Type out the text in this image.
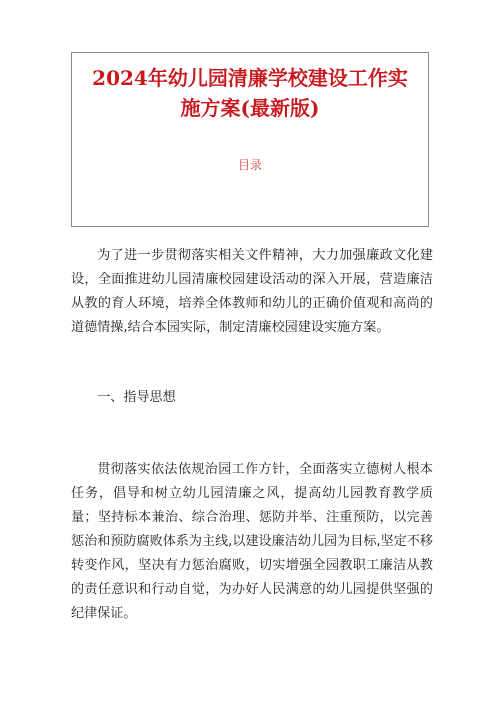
2024年幼儿园清廉学校建设工作实施方案(最新版)
目录

为了进一步贯彻落实相关文件精神，大力加强廉政文化建设，全面推进幼儿园清廉校园建设活动的深入开展，营造廉洁从教的育人环境，培养全体教师和幼儿的正确价值观和高尚的道德情操,结合本园实际，制定清廉校园建设实施方案。

一、指导思想

贯彻落实依法依规治园工作方针，全面落实立德树人根本任务，倡导和树立幼儿园清廉之风，提高幼儿园教育教学质量；坚持标本兼治、综合治理、惩防并举、注重预防，以完善惩治和预防腐败体系为主线,以建设廉洁幼儿园为目标,坚定不移转变作风，坚决有力惩治腐败，切实增强全园教职工廉洁从教的责任意识和行动自觉，为办好人民满意的幼儿园提供坚强的纪律保证。
